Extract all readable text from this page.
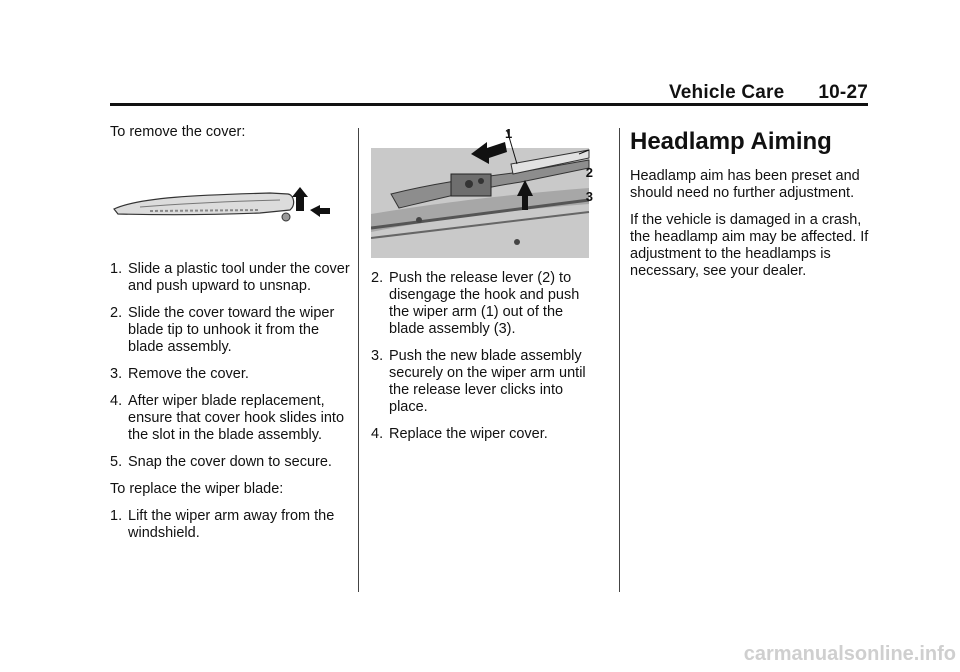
Vehicle Care 10-27

To remove the cover:

1. Slide a plastic tool under the cover and push upward to unsnap.
2. Slide the cover toward the wiper blade tip to unhook it from the blade assembly.
3. Remove the cover.
4. After wiper blade replacement, ensure that cover hook slides into the slot in the blade assembly.
5. Snap the cover down to secure.

To replace the wiper blade:

1. Lift the wiper arm away from the windshield.
1
2
3
2. Push the release lever (2) to disengage the hook and push the wiper arm (1) out of the blade assembly (3).
3. Push the new blade assembly securely on the wiper arm until the release lever clicks into place.
4. Replace the wiper cover.
Headlamp Aiming

Headlamp aim has been preset and should need no further adjustment.

If the vehicle is damaged in a crash, the headlamp aim may be affected. If adjustment to the headlamps is necessary, see your dealer.

carmanualsonline.info
